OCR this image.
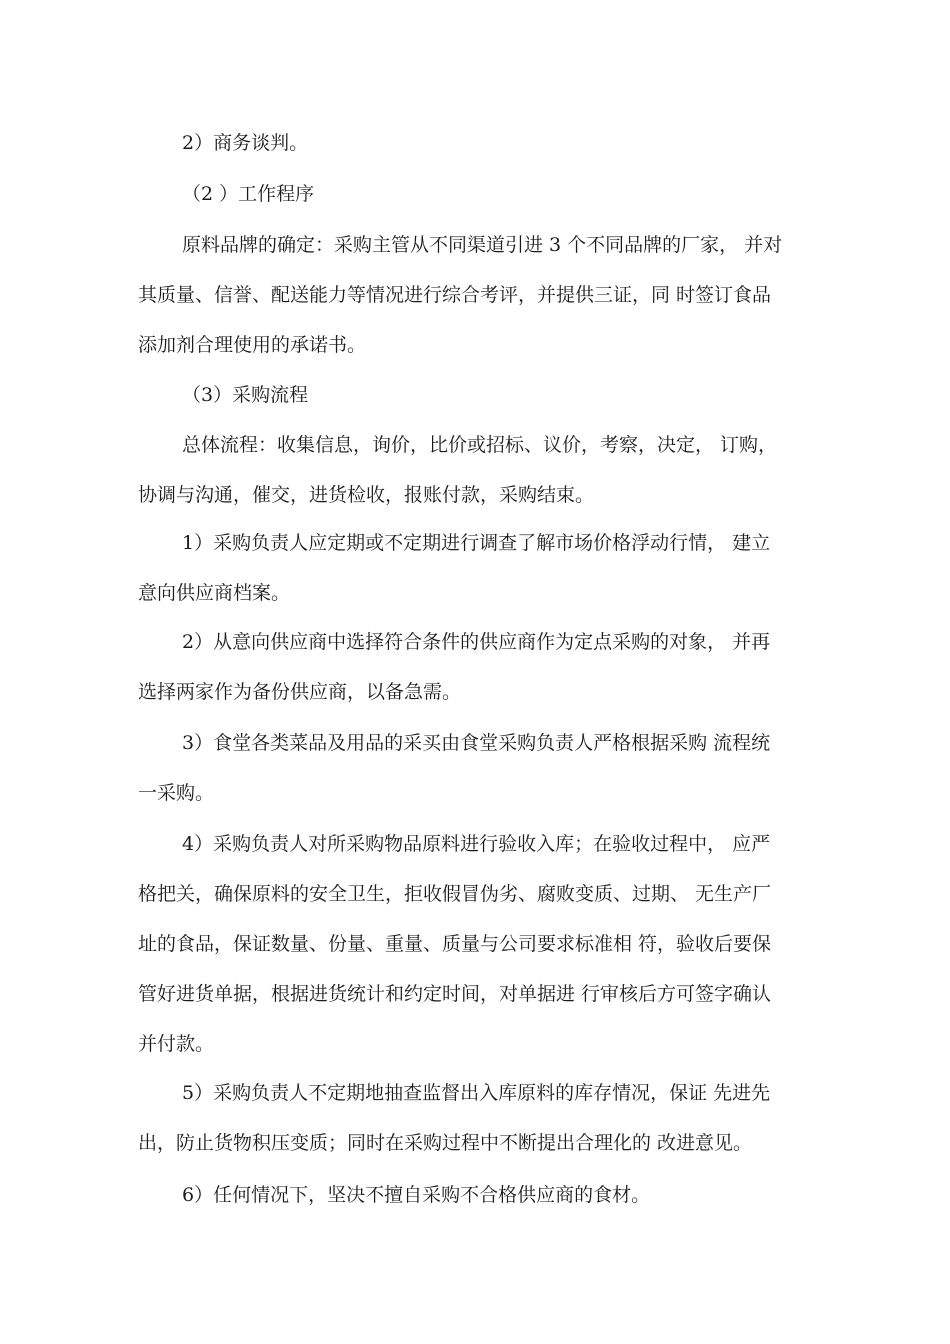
2）商务谈判。
（2 ）工作程序
原料品牌的确定：采购主管从不同渠道引进 3 个不同品牌的厂家， 并对
其质量、信誉、配送能力等情况进行综合考评，并提供三证，同 时签订食品
添加剂合理使用的承诺书。
（3）采购流程
总体流程：收集信息，询价，比价或招标、议价，考察，决定， 订购，
协调与沟通，催交，进货检收，报账付款，采购结束。
1）采购负责人应定期或不定期进行调查了解市场价格浮动行情， 建立
意向供应商档案。
2）从意向供应商中选择符合条件的供应商作为定点采购的对象， 并再
选择两家作为备份供应商，以备急需。
3）食堂各类菜品及用品的采买由食堂采购负责人严格根据采购 流程统
一采购。
4）采购负责人对所采购物品原料进行验收入库；在验收过程中， 应严
格把关，确保原料的安全卫生，拒收假冒伪劣、腐败变质、过期、 无生产厂
址的食品，保证数量、份量、重量、质量与公司要求标准相 符，验收后要保
管好进货单据，根据进货统计和约定时间，对单据进 行审核后方可签字确认
并付款。
5）采购负责人不定期地抽查监督出入库原料的库存情况，保证 先进先
出，防止货物积压变质；同时在采购过程中不断提出合理化的 改进意见。
6）任何情况下，坚决不擅自采购不合格供应商的食材。
